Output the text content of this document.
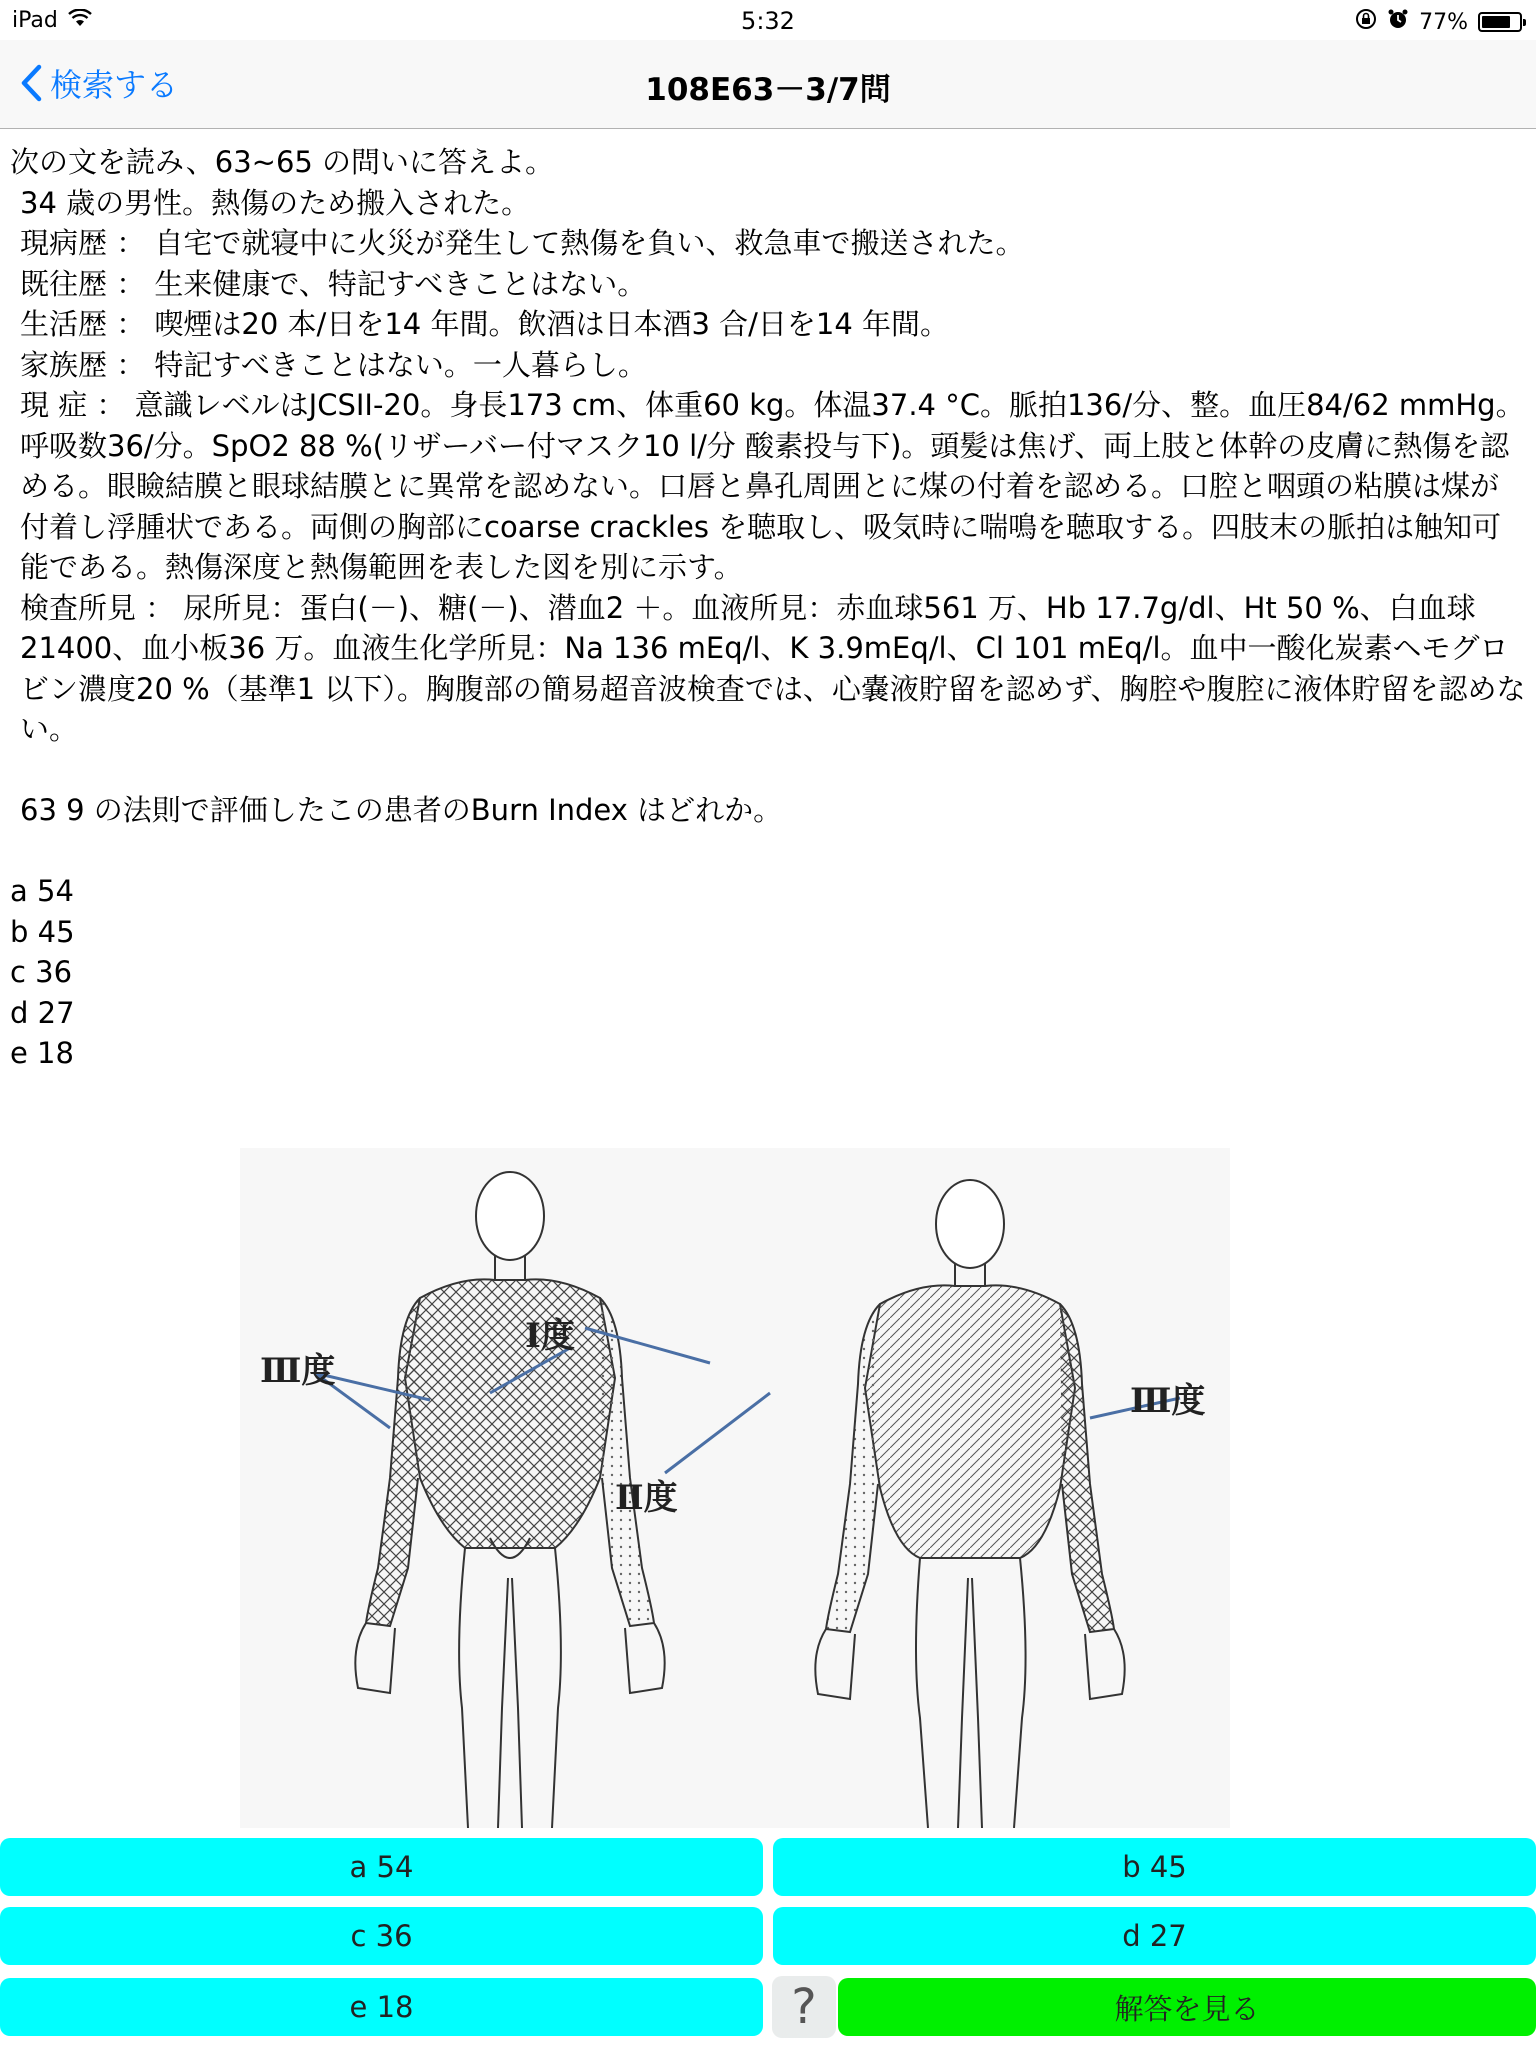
iPad	5:32	77%
検索する	108E63－3/7問

次の文を読み、63~65 の問いに答えよ。

34 歳の男性。熱傷のため搬入された。

現病歴 ： 自宅で就寝中に火災が発生して熱傷を負い、救急車で搬送された。

既往歴 ： 生来健康で、特記すべきことはない。

生活歴 ： 喫煙は20 本/日を14 年間。飲酒は日本酒3 合/日を14 年間。

家族歴 ： 特記すべきことはない。一人暮らし。

現 症 ： 意識レベルはJCSII-20。身長173 cm、体重60 kg。体温37.4 °C。脈拍136/分、整。血圧84/62 mmHg。呼吸数36/分。SpO2 88 %(リザーバー付マスク10 l/分 酸素投与下)。頭髪は焦げ、両上肢と体幹の皮膚に熱傷を認める。眼瞼結膜と眼球結膜とに異常を認めない。口唇と鼻孔周囲とに煤の付着を認める。口腔と咽頭の粘膜は煤が付着し浮腫状である。両側の胸部にcoarse crackles を聴取し、吸気時に喘鳴を聴取する。四肢末の脈拍は触知可能である。熱傷深度と熱傷範囲を表した図を別に示す。

検査所見 ： 尿所見：蛋白(－)、糖(－)、潜血2 ＋。血液所見：赤血球561 万、Hb 17.7g/dl、Ht 50 %、白血球21400、血小板36 万。血液生化学所見：Na 136 mEq/l、K 3.9mEq/l、Cl 101 mEq/l。血中一酸化炭素ヘモグロビン濃度20 %（基準1 以下）。胸腹部の簡易超音波検査では、心嚢液貯留を認めず、胸腔や腹腔に液体貯留を認めない。

63 9 の法則で評価したこの患者のBurn Index はどれか。

a 54

b 45

c 36

d 27

e 18

Ⅲ度
Ⅰ度
Ⅱ度
Ⅲ度
a 54	b 45
c 36	d 27
e 18	?	解答を見る
